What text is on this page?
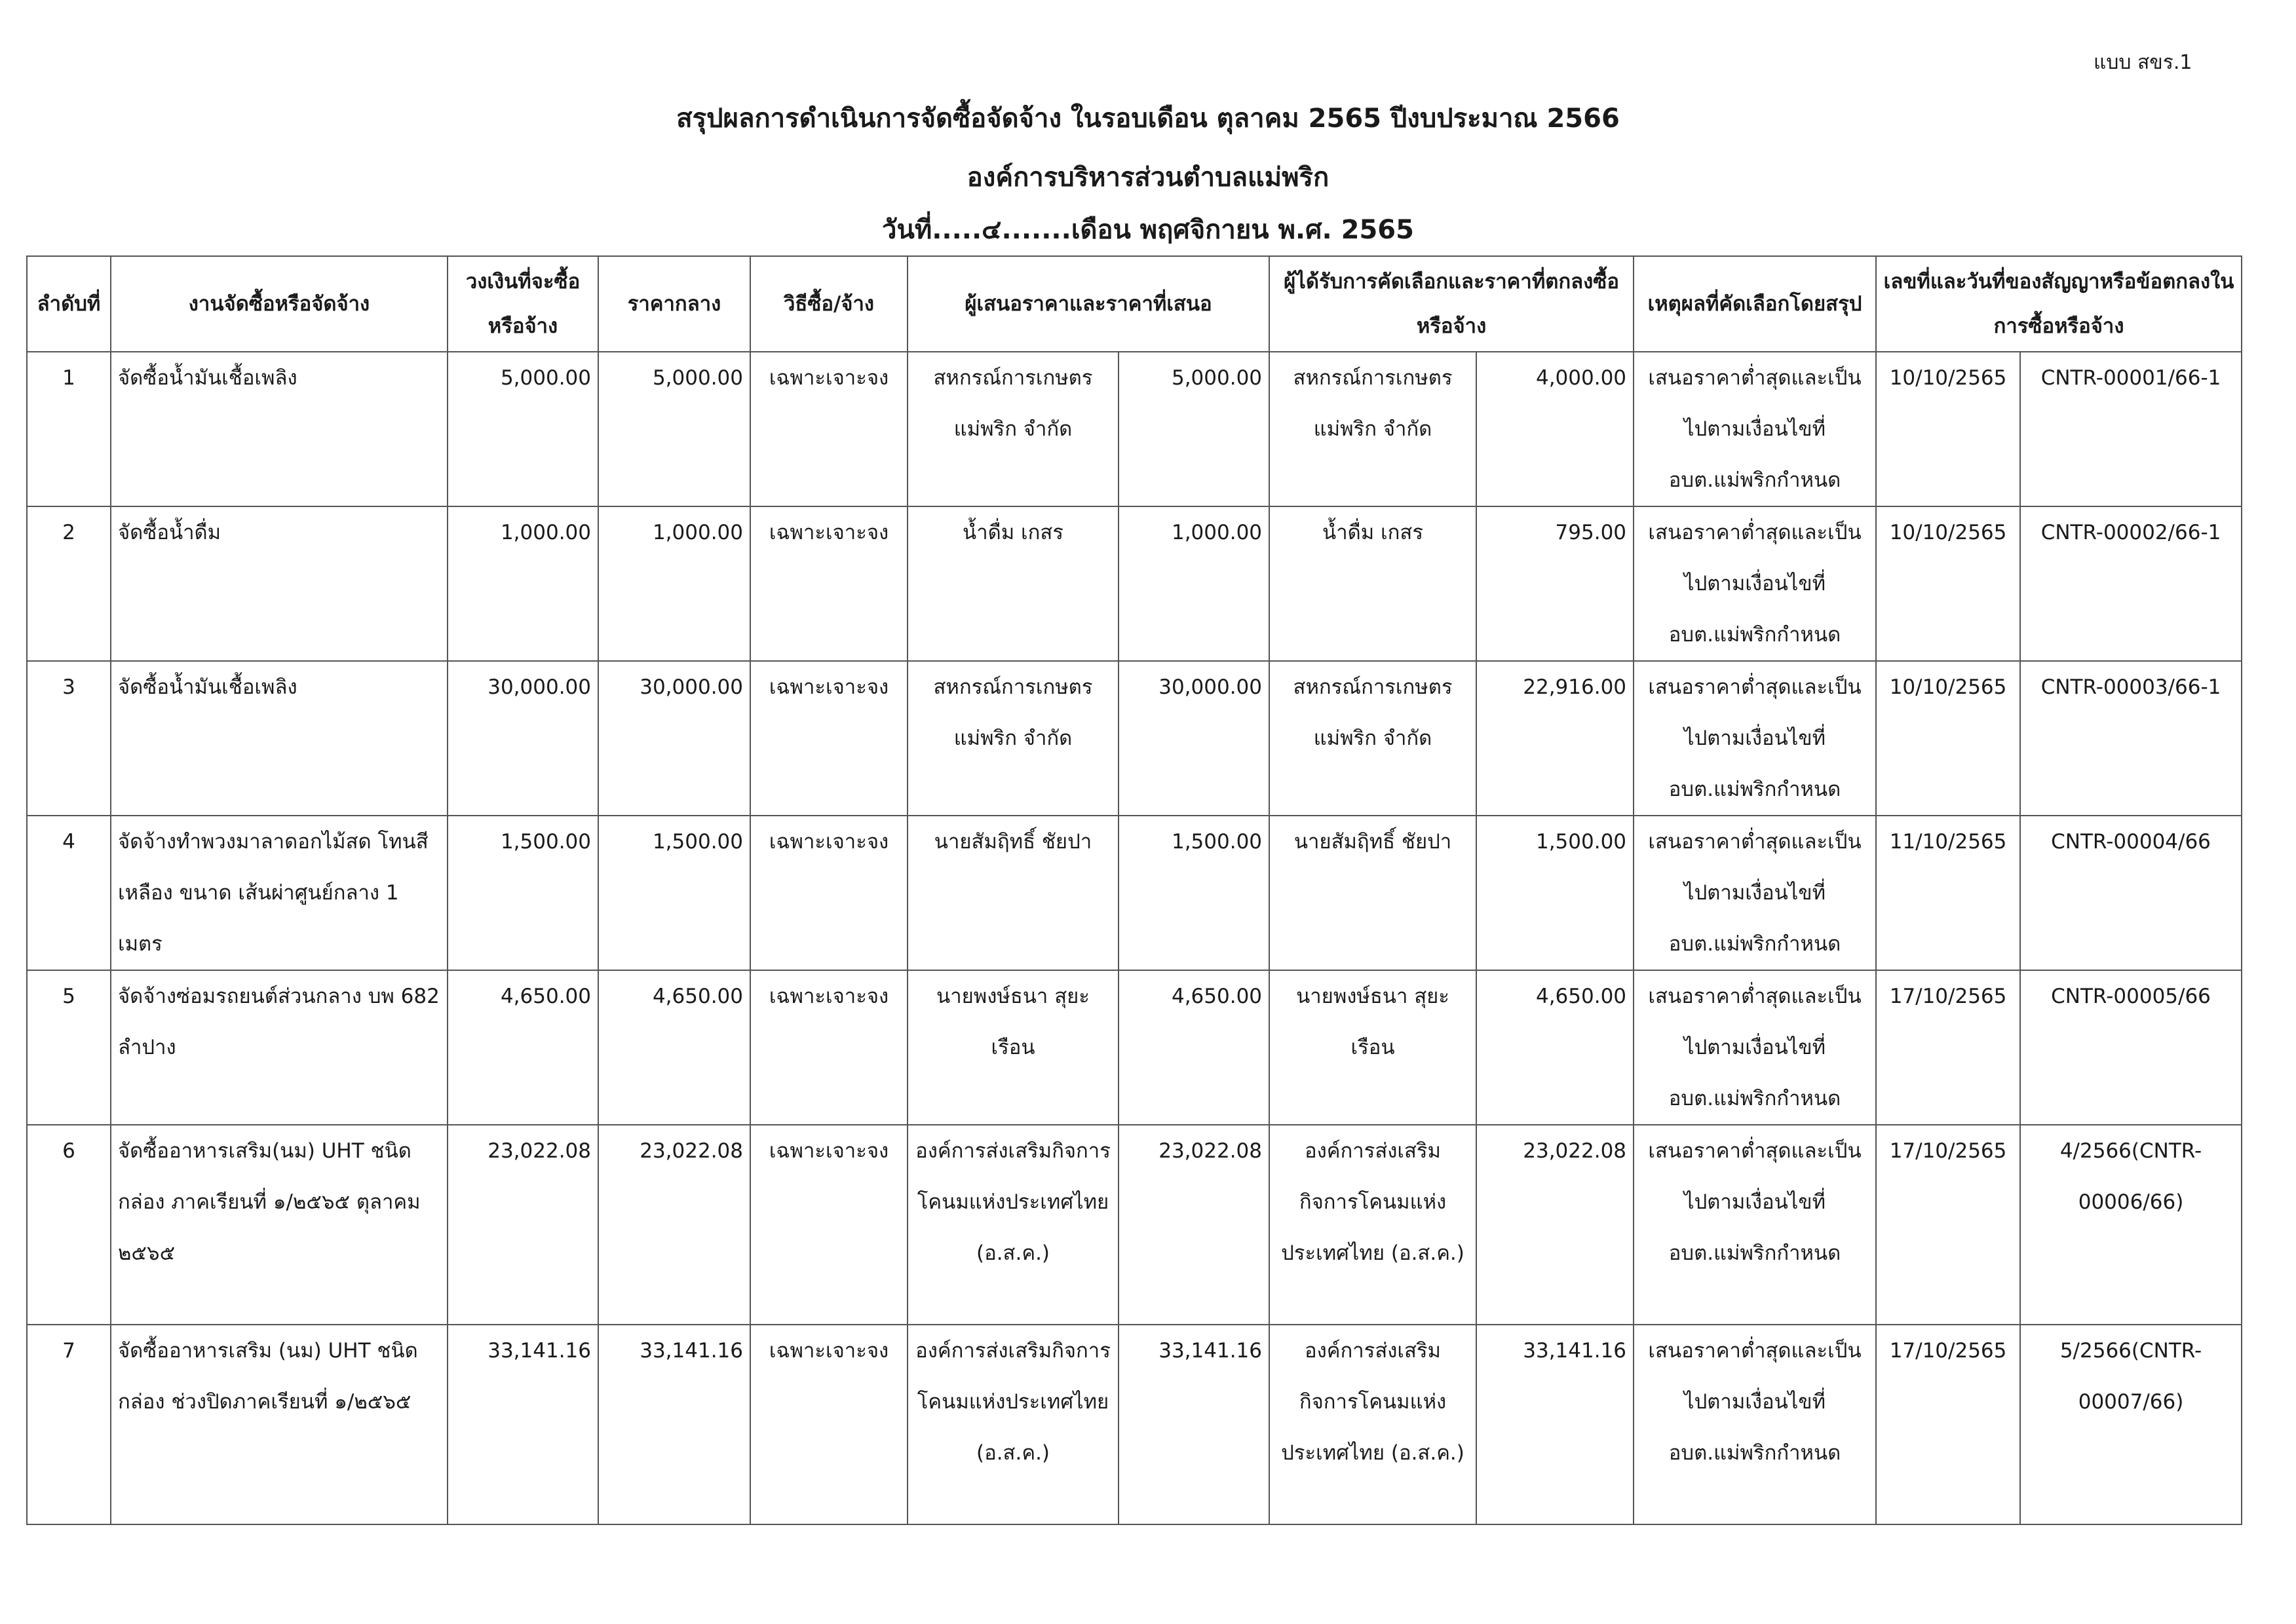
แบบ สขร.1
สรุปผลการดำเนินการจัดซื้อจัดจ้าง ในรอบเดือน ตุลาคม 2565 ปีงบประมาณ 2566
องค์การบริหารส่วนตำบลแม่พริก
วันที่.....๔.......เดือน พฤศจิกายน พ.ศ. 2565
ลำดับที่	งานจัดซื้อหรือจัดจ้าง	วงเงินที่จะซื้อหรือจ้าง	ราคากลาง	วิธีซื้อ/จ้าง	ผู้เสนอราคาและราคาที่เสนอ		ผู้ได้รับการคัดเลือกและราคาที่ตกลงซื้อหรือจ้าง		เหตุผลที่คัดเลือกโดยสรุป	เลขที่และวันที่ของสัญญาหรือข้อตกลงในการซื้อหรือจ้าง	
1	จัดซื้อน้ำมันเชื้อเพลิง	5,000.00	5,000.00	เฉพาะเจาะจง	สหกรณ์การเกษตร แม่พริก จำกัด	5,000.00	สหกรณ์การเกษตร แม่พริก จำกัด	4,000.00	เสนอราคาต่ำสุดและเป็นไปตามเงื่อนไขที่ อบต.แม่พริกกำหนด	10/10/2565	CNTR-00001/66-1
2	จัดซื้อน้ำดื่ม	1,000.00	1,000.00	เฉพาะเจาะจง	น้ำดื่ม เกสร	1,000.00	น้ำดื่ม เกสร	795.00	เสนอราคาต่ำสุดและเป็นไปตามเงื่อนไขที่ อบต.แม่พริกกำหนด	10/10/2565	CNTR-00002/66-1
3	จัดซื้อน้ำมันเชื้อเพลิง	30,000.00	30,000.00	เฉพาะเจาะจง	สหกรณ์การเกษตร แม่พริก จำกัด	30,000.00	สหกรณ์การเกษตร แม่พริก จำกัด	22,916.00	เสนอราคาต่ำสุดและเป็นไปตามเงื่อนไขที่ อบต.แม่พริกกำหนด	10/10/2565	CNTR-00003/66-1
4	จัดจ้างทำพวงมาลาดอกไม้สด โทนสีเหลือง ขนาด เส้นผ่าศูนย์กลาง 1 เมตร	1,500.00	1,500.00	เฉพาะเจาะจง	นายสัมฤิทธิ์ ชัยปา	1,500.00	นายสัมฤิทธิ์ ชัยปา	1,500.00	เสนอราคาต่ำสุดและเป็นไปตามเงื่อนไขที่ อบต.แม่พริกกำหนด	11/10/2565	CNTR-00004/66
5	จัดจ้างซ่อมรถยนต์ส่วนกลาง บพ 682 ลำปาง	4,650.00	4,650.00	เฉพาะเจาะจง	นายพงษ์ธนา สุยะเรือน	4,650.00	นายพงษ์ธนา สุยะเรือน	4,650.00	เสนอราคาต่ำสุดและเป็นไปตามเงื่อนไขที่ อบต.แม่พริกกำหนด	17/10/2565	CNTR-00005/66
6	จัดซื้ออาหารเสริม(นม) UHT ชนิดกล่อง ภาคเรียนที่ ๑/๒๕๖๕ ตุลาคม ๒๕๖๕	23,022.08	23,022.08	เฉพาะเจาะจง	องค์การส่งเสริมกิจการโคนมแห่งประเทศไทย (อ.ส.ค.)	23,022.08	องค์การส่งเสริมกิจการโคนมแห่งประเทศไทย (อ.ส.ค.)	23,022.08	เสนอราคาต่ำสุดและเป็นไปตามเงื่อนไขที่ อบต.แม่พริกกำหนด	17/10/2565	4/2566(CNTR-00006/66)
7	จัดซื้ออาหารเสริม (นม) UHT ชนิดกล่อง ช่วงปิดภาคเรียนที่ ๑/๒๕๖๕	33,141.16	33,141.16	เฉพาะเจาะจง	องค์การส่งเสริมกิจการโคนมแห่งประเทศไทย (อ.ส.ค.)	33,141.16	องค์การส่งเสริมกิจการโคนมแห่งประเทศไทย (อ.ส.ค.)	33,141.16	เสนอราคาต่ำสุดและเป็นไปตามเงื่อนไขที่ อบต.แม่พริกกำหนด	17/10/2565	5/2566(CNTR-00007/66)
